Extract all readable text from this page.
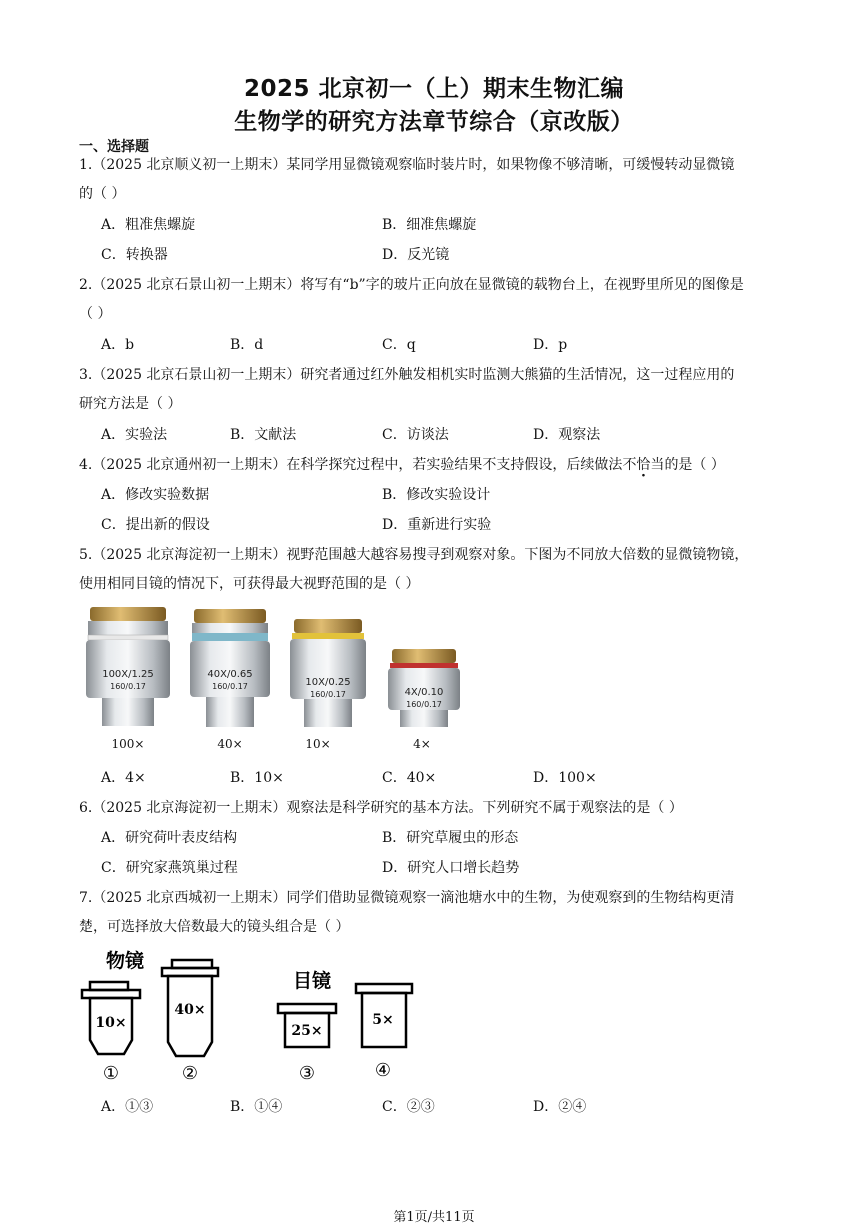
2025 北京初一（上）期末生物汇编
生物学的研究方法章节综合（京改版）
一、选择题
1.（2025 北京顺义初一上期末）某同学用显微镜观察临时装片时，如果物像不够清晰，可缓慢转动显微镜
的（ ）
A．粗准焦螺旋	B．细准焦螺旋
C．转换器	D．反光镜
2.（2025 北京石景山初一上期末）将写有“b”字的玻片正向放在显微镜的载物台上，在视野里所见的图像是
（ ）
A．b	B．d	C．q	D．p
3.（2025 北京石景山初一上期末）研究者通过红外触发相机实时监测大熊猫的生活情况，这一过程应用的
研究方法是（ ）
A．实验法	B．文献法	C．访谈法	D．观察法
4.（2025 北京通州初一上期末）在科学探究过程中，若实验结果不支持假设，后续做法不恰当的是（ ）
A．修改实验数据	B．修改实验设计
C．提出新的假设	D．重新进行实验
5.（2025 北京海淀初一上期末）视野范围越大越容易搜寻到观察对象。下图为不同放大倍数的显微镜物镜，
使用相同目镜的情况下，可获得最大视野范围的是（ ）
100X/1.25
160/0.17
40X/0.65
160/0.17	10X/0.25
160/0.17	4X/0.10
160/0.17
100×	40×	10×	4×
A．4×	B．10×	C．40×	D．100×
6.（2025 北京海淀初一上期末）观察法是科学研究的基本方法。下列研究不属于观察法的是（ ）
A．研究荷叶表皮结构	B．研究草履虫的形态
C．研究家燕筑巢过程	D．研究人口增长趋势
7.（2025 北京西城初一上期末）同学们借助显微镜观察一滴池塘水中的生物，为使观察到的生物结构更清
楚，可选择放大倍数最大的镜头组合是（ ）
物镜
目镜
10×
①
40×
②
25×
③
5×
④
A．①③	B．①④	C．②③	D．②④
第1页/共11页
